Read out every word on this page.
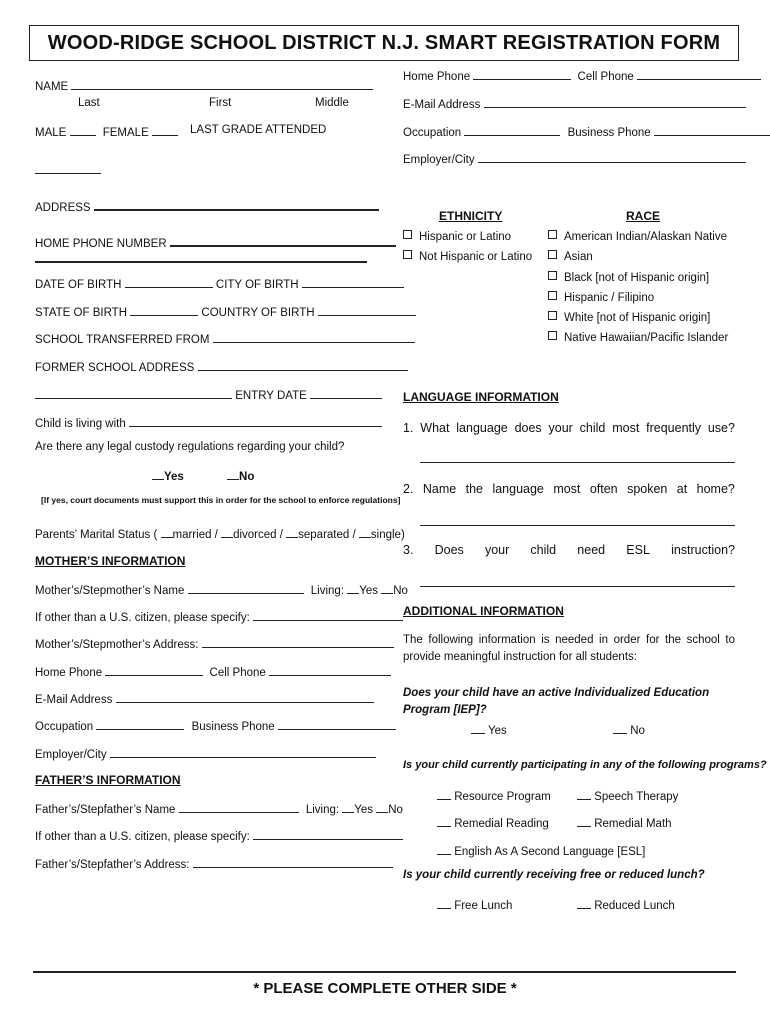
WOOD-RIDGE SCHOOL DISTRICT N.J. SMART REGISTRATION FORM
NAME
Last	First	Middle
MALE	FEMALE	LAST GRADE ATTENDED
ADDRESS
HOME PHONE NUMBER
DATE OF BIRTH	CITY OF BIRTH
STATE OF BIRTH	COUNTRY OF BIRTH
SCHOOL TRANSFERRED FROM
FORMER SCHOOL ADDRESS
ENTRY DATE
Child is living with
Are there any legal custody regulations regarding your child?
Yes	No
[If yes, court documents must support this in order for the school to enforce regulations]
Parents’ Marital Status ( married / divorced / separated / single)
MOTHER’S INFORMATION
Mother’s/Stepmother’s Name	Living: Yes No
If other than a U.S. citizen, please specify:
Mother’s/Stepmother’s Address:
Home Phone	Cell Phone
E-Mail Address
Occupation	Business Phone
Employer/City
FATHER’S INFORMATION
Father’s/Stepfather’s Name	Living: Yes No
If other than a U.S. citizen, please specify:
Father’s/Stepfather’s Address:
Home Phone	Cell Phone
E-Mail Address
Occupation	Business Phone
Employer/City
ETHNICITY
Hispanic or Latino
Not Hispanic or Latino
RACE
American Indian/Alaskan Native
Asian
Black [not of Hispanic origin]
Hispanic / Filipino
White [not of Hispanic origin]
Native Hawaiian/Pacific Islander
LANGUAGE INFORMATION
1. What language does your child most frequently use?
2. Name the language most often spoken at home?
3. Does your child need ESL instruction?
ADDITIONAL INFORMATION
The following information is needed in order for the school to provide meaningful instruction for all students:
Does your child have an active Individualized Education Program [IEP]?
Yes	No
Is your child currently participating in any of the following programs?
Resource Program	Speech Therapy
Remedial Reading	Remedial Math
English As A Second Language [ESL]
Is your child currently receiving free or reduced lunch?
Free Lunch	Reduced Lunch
* PLEASE COMPLETE OTHER SIDE *
